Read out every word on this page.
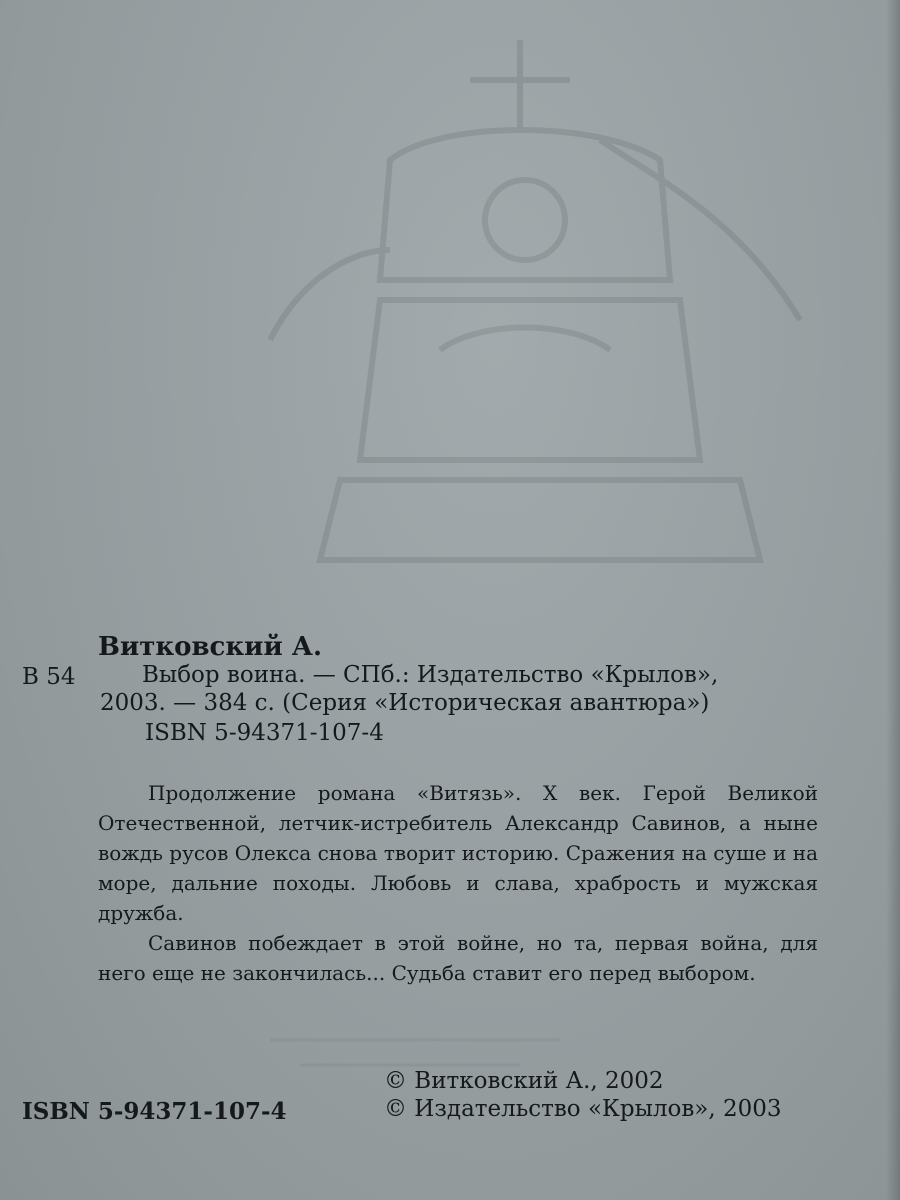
Витковский А.
В 54	Выбор воина. — СПб.: Издательство «Крылов»,
2003. — 384 с. (Серия «Историческая авантюра»)
ISBN 5-94371-107-4

Продолжение романа «Витязь». X век. Герой Великой Отечественной, летчик-истребитель Александр Савинов, а ныне вождь русов Олекса снова творит историю. Сражения на суше и на море, дальние походы. Любовь и слава, храбрость и мужская дружба.

Савинов побеждает в этой войне, но та, первая война, для него еще не закончилась... Судьба ставит его перед выбором.

© Витковский А., 2002
© Издательство «Крылов», 2003
ISBN 5-94371-107-4
